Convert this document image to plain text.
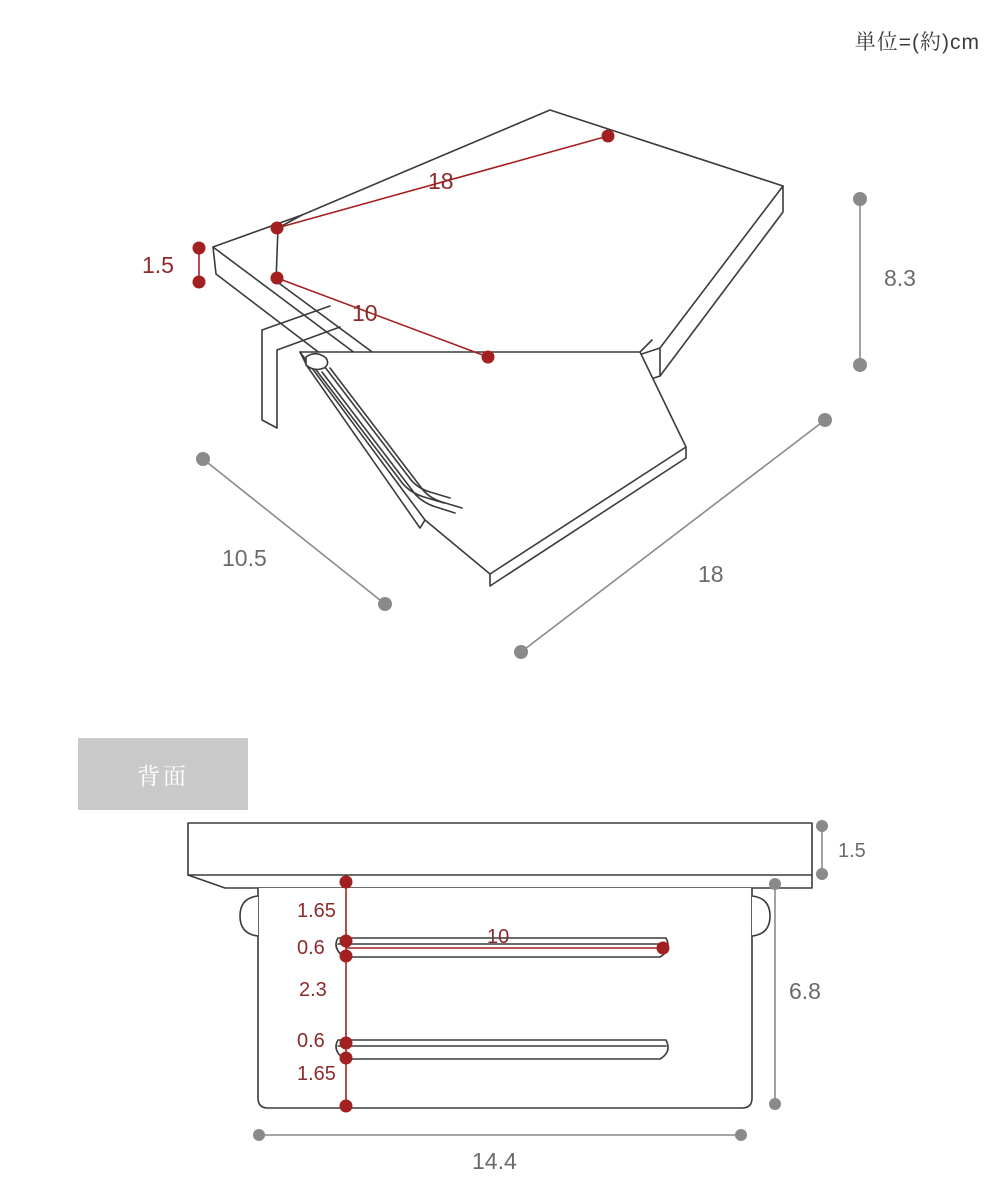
単位=(約)cm
18
10
1.5	8.3
10.5
18
背面
1.5
1.65
0.6	10
2.3
0.6
1.65
6.8
14.4
